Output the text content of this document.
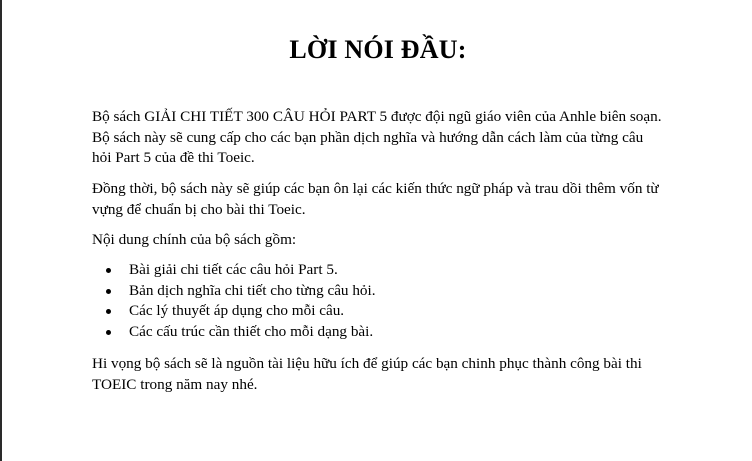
LỜI NÓI ĐẦU:
Bộ sách GIẢI CHI TIẾT 300 CÂU HỎI PART 5 được đội ngũ giáo viên của Anhle biên soạn.
Bộ sách này sẽ cung cấp cho các bạn phần dịch nghĩa và hướng dẫn cách làm của từng câu
hỏi Part 5 của đề thi Toeic.
Đồng thời, bộ sách này sẽ giúp các bạn ôn lại các kiến thức ngữ pháp và trau dồi thêm vốn từ
vựng để chuẩn bị cho bài thi Toeic.
Nội dung chính của bộ sách gồm:
Bài giải chi tiết các câu hỏi Part 5.
Bản dịch nghĩa chi tiết cho từng câu hỏi.
Các lý thuyết áp dụng cho mỗi câu.
Các cấu trúc cần thiết cho mỗi dạng bài.
Hi vọng bộ sách sẽ là nguồn tài liệu hữu ích để giúp các bạn chinh phục thành công bài thi
TOEIC trong năm nay nhé.
